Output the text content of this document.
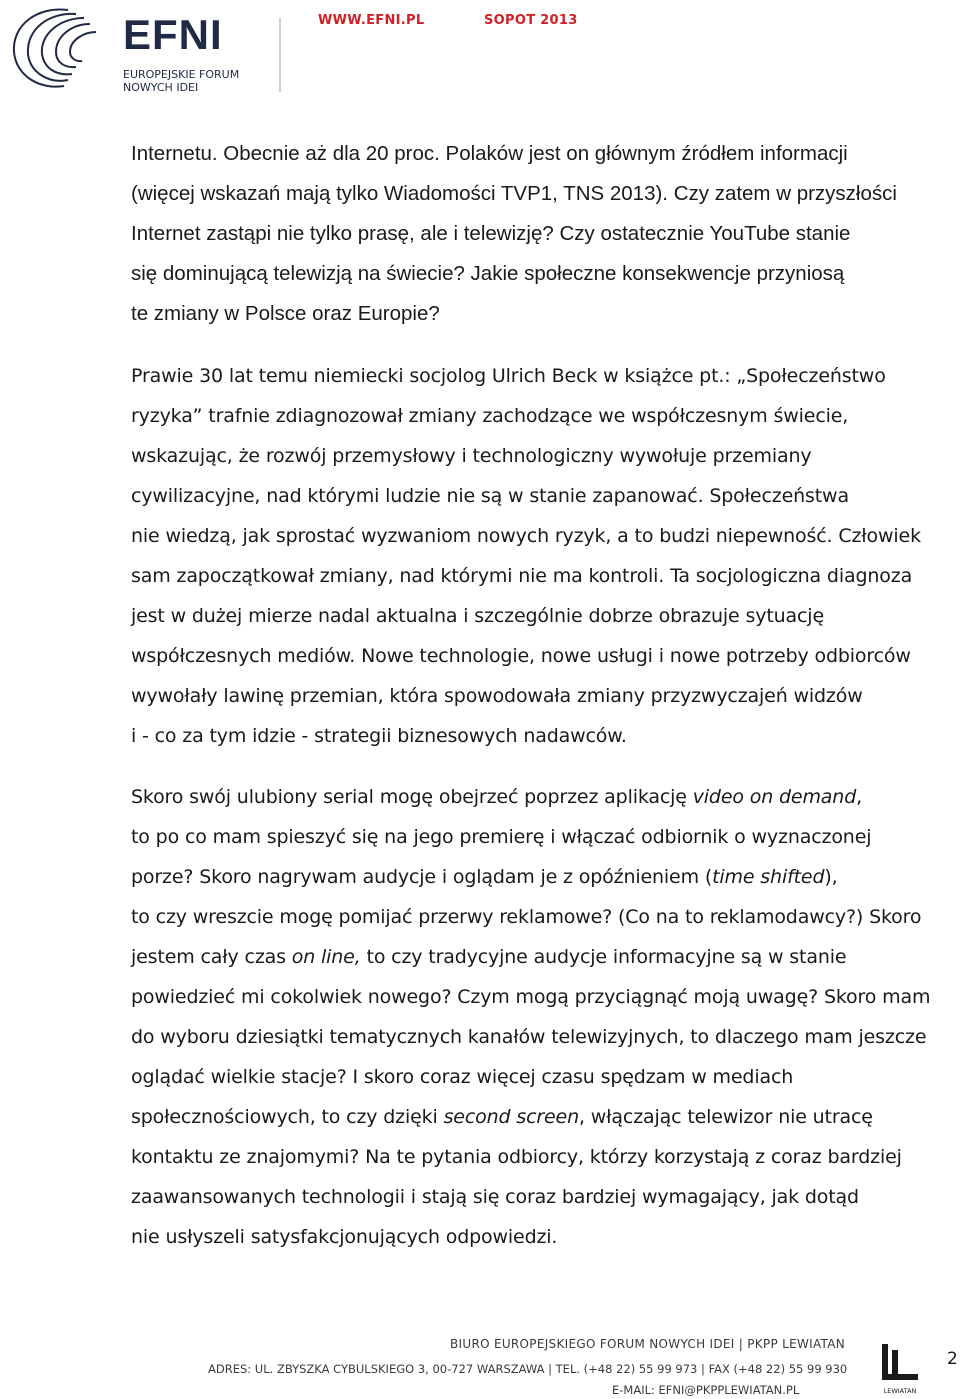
EFNI
EUROPEJSKIE FORUM
NOWYCH IDEI
WWW.EFNI.PL	SOPOT 2013
Internetu. Obecnie aż dla 20 proc. Polaków jest on głównym źródłem informacji
(więcej wskazań mają tylko Wiadomości TVP1, TNS 2013). Czy zatem w przyszłości
Internet zastąpi nie tylko prasę, ale i telewizję? Czy ostatecznie YouTube stanie
się dominującą telewizją na świecie? Jakie społeczne konsekwencje przyniosą
te zmiany w Polsce oraz Europie?
Prawie 30 lat temu niemiecki socjolog Ulrich Beck w książce pt.: „Społeczeństwo
ryzyka” trafnie zdiagnozował zmiany zachodzące we współczesnym świecie,
wskazując, że rozwój przemysłowy i technologiczny wywołuje przemiany
cywilizacyjne, nad którymi ludzie nie są w stanie zapanować. Społeczeństwa
nie wiedzą, jak sprostać wyzwaniom nowych ryzyk, a to budzi niepewność. Człowiek
sam zapoczątkował zmiany, nad którymi nie ma kontroli. Ta socjologiczna diagnoza
jest w dużej mierze nadal aktualna i szczególnie dobrze obrazuje sytuację
współczesnych mediów. Nowe technologie, nowe usługi i nowe potrzeby odbiorców
wywołały lawinę przemian, która spowodowała zmiany przyzwyczajeń widzów
i - co za tym idzie - strategii biznesowych nadawców.
Skoro swój ulubiony serial mogę obejrzeć poprzez aplikację video on demand,
to po co mam spieszyć się na jego premierę i włączać odbiornik o wyznaczonej
porze? Skoro nagrywam audycje i oglądam je z opóźnieniem (time shifted),
to czy wreszcie mogę pomijać przerwy reklamowe? (Co na to reklamodawcy?) Skoro
jestem cały czas on line, to czy tradycyjne audycje informacyjne są w stanie
powiedzieć mi cokolwiek nowego? Czym mogą przyciągnąć moją uwagę? Skoro mam
do wyboru dziesiątki tematycznych kanałów telewizyjnych, to dlaczego mam jeszcze
oglądać wielkie stacje? I skoro coraz więcej czasu spędzam w mediach
społecznościowych, to czy dzięki second screen, włączając telewizor nie utracę
kontaktu ze znajomymi? Na te pytania odbiorcy, którzy korzystają z coraz bardziej
zaawansowanych technologii i stają się coraz bardziej wymagający, jak dotąd
nie usłyszeli satysfakcjonujących odpowiedzi.
BIURO EUROPEJSKIEGO FORUM NOWYCH IDEI | PKPP LEWIATAN
ADRES: UL. ZBYSZKA CYBULSKIEGO 3, 00-727 WARSZAWA | TEL. (+48 22) 55 99 973 | FAX (+48 22) 55 99 930
E-MAIL: EFNI@PKPPLEWIATAN.PL	LEWIATAN
2
